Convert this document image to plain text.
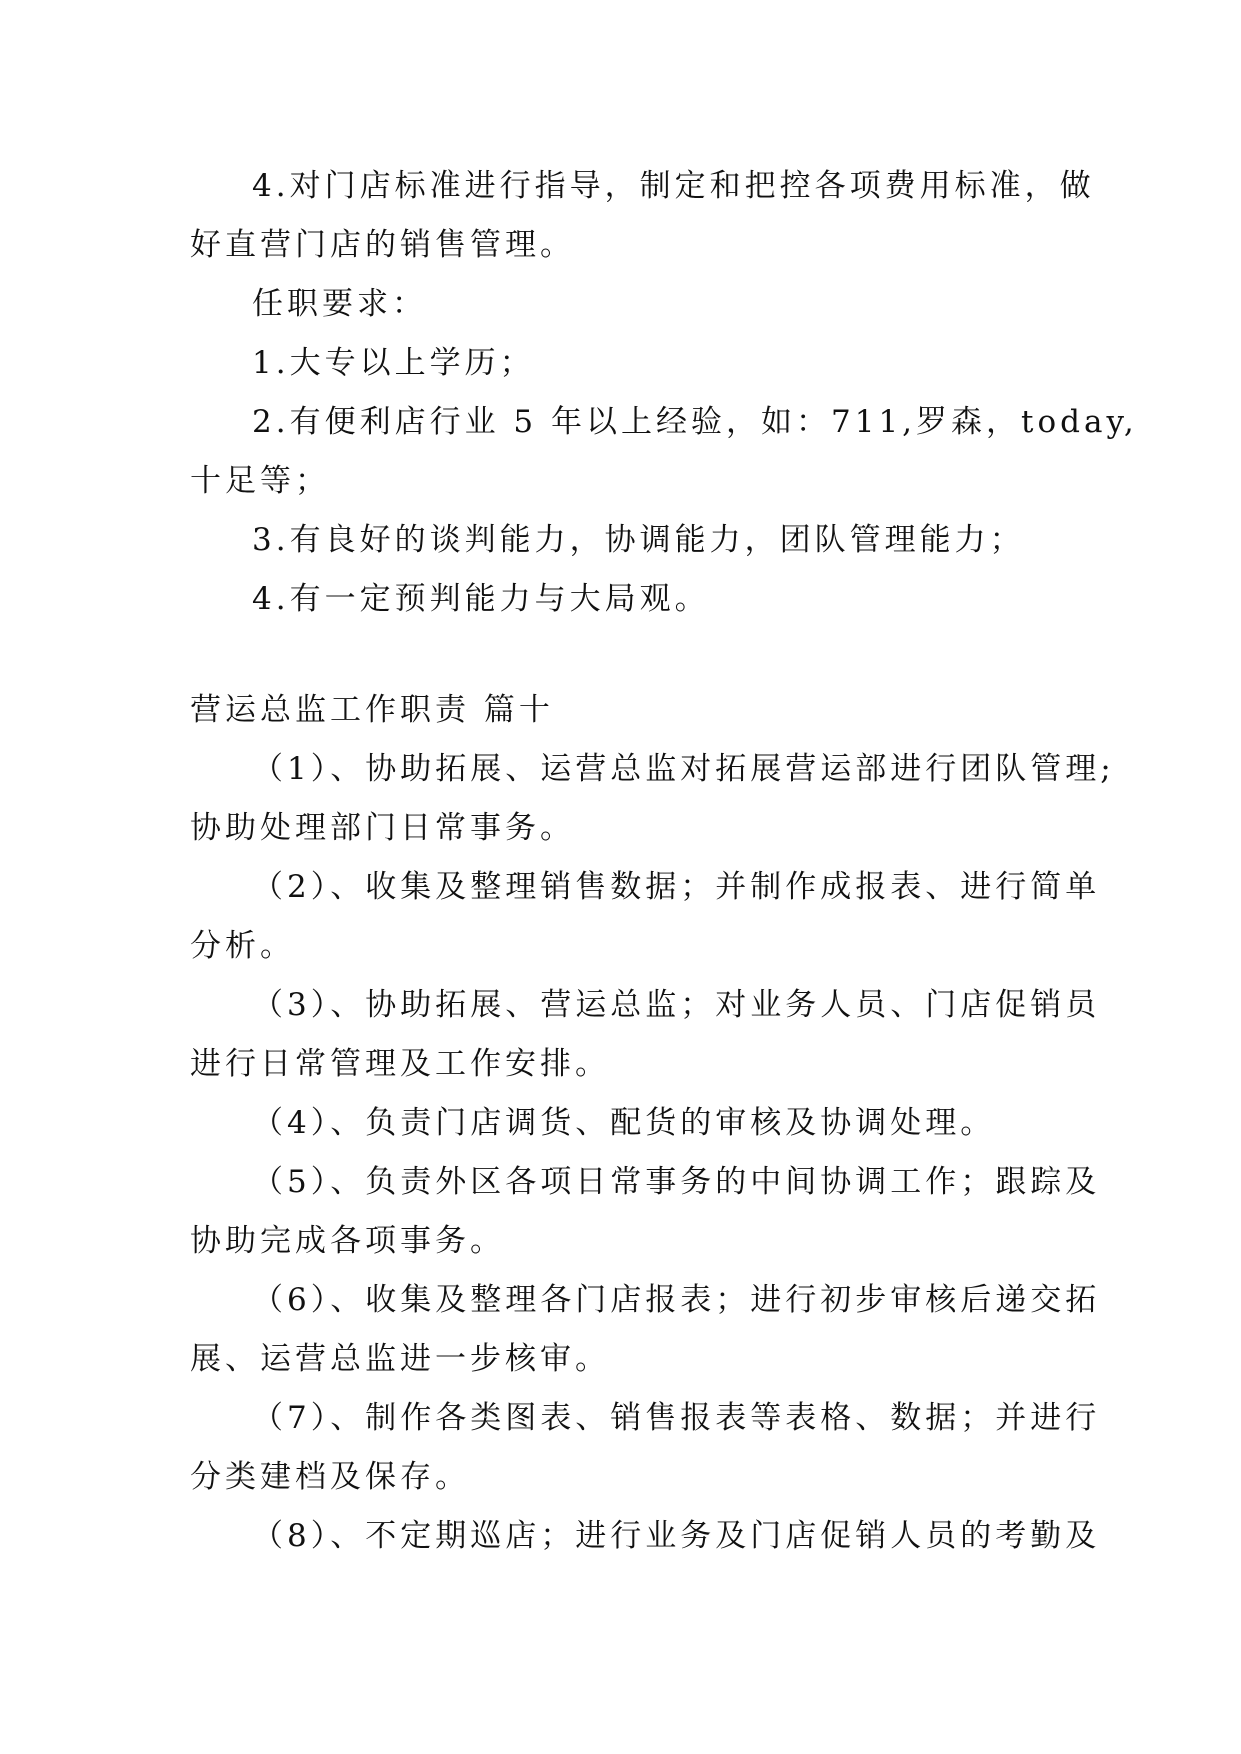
4.对门店标准进行指导，制定和把控各项费用标准，做
好直营门店的销售管理。
任职要求：
1.大专以上学历；
2.有便利店行业 5 年以上经验，如：711,罗森，today,
十足等；
3.有良好的谈判能力，协调能力，团队管理能力；
4.有一定预判能力与大局观。
营运总监工作职责 篇十
（1）、协助拓展、运营总监对拓展营运部进行团队管理;
协助处理部门日常事务。
（2）、收集及整理销售数据；并制作成报表、进行简单
分析。
（3）、协助拓展、营运总监；对业务人员、门店促销员
进行日常管理及工作安排。
（4）、负责门店调货、配货的审核及协调处理。
（5）、负责外区各项日常事务的中间协调工作；跟踪及
协助完成各项事务。
（6）、收集及整理各门店报表；进行初步审核后递交拓
展、运营总监进一步核审。
（7）、制作各类图表、销售报表等表格、数据；并进行
分类建档及保存。
（8）、不定期巡店；进行业务及门店促销人员的考勤及
